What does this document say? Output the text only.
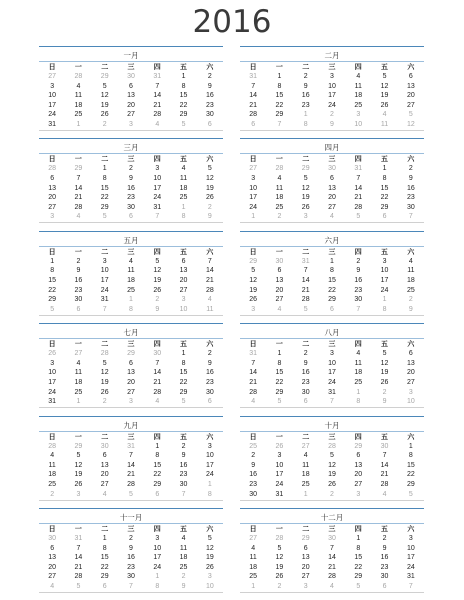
2016
一月
日	一	二	三	四	五	六
27	28	29	30	31	1	2
3	4	5	6	7	8	9
10	11	12	13	14	15	16
17	18	19	20	21	22	23
24	25	26	27	28	29	30
31	1	2	3	4	5	6
二月
日	一	二	三	四	五	六
31	1	2	3	4	5	6
7	8	9	10	11	12	13
14	15	16	17	18	19	20
21	22	23	24	25	26	27
28	29	1	2	3	4	5
6	7	8	9	10	11	12
三月
日	一	二	三	四	五	六
28	29	1	2	3	4	5
6	7	8	9	10	11	12
13	14	15	16	17	18	19
20	21	22	23	24	25	26
27	28	29	30	31	1	2
3	4	5	6	7	8	9
四月
日	一	二	三	四	五	六
27	28	29	30	31	1	2
3	4	5	6	7	8	9
10	11	12	13	14	15	16
17	18	19	20	21	22	23
24	25	26	27	28	29	30
1	2	3	4	5	6	7
五月
日	一	二	三	四	五	六
1	2	3	4	5	6	7
8	9	10	11	12	13	14
15	16	17	18	19	20	21
22	23	24	25	26	27	28
29	30	31	1	2	3	4
5	6	7	8	9	10	11
六月
日	一	二	三	四	五	六
29	30	31	1	2	3	4
5	6	7	8	9	10	11
12	13	14	15	16	17	18
19	20	21	22	23	24	25
26	27	28	29	30	1	2
3	4	5	6	7	8	9
七月
日	一	二	三	四	五	六
26	27	28	29	30	1	2
3	4	5	6	7	8	9
10	11	12	13	14	15	16
17	18	19	20	21	22	23
24	25	26	27	28	29	30
31	1	2	3	4	5	6
八月
日	一	二	三	四	五	六
31	1	2	3	4	5	6
7	8	9	10	11	12	13
14	15	16	17	18	19	20
21	22	23	24	25	26	27
28	29	30	31	1	2	3
4	5	6	7	8	9	10
九月
日	一	二	三	四	五	六
28	29	30	31	1	2	3
4	5	6	7	8	9	10
11	12	13	14	15	16	17
18	19	20	21	22	23	24
25	26	27	28	29	30	1
2	3	4	5	6	7	8
十月
日	一	二	三	四	五	六
25	26	27	28	29	30	1
2	3	4	5	6	7	8
9	10	11	12	13	14	15
16	17	18	19	20	21	22
23	24	25	26	27	28	29
30	31	1	2	3	4	5
十一月
日	一	二	三	四	五	六
30	31	1	2	3	4	5
6	7	8	9	10	11	12
13	14	15	16	17	18	19
20	21	22	23	24	25	26
27	28	29	30	1	2	3
4	5	6	7	8	9	10
十二月
日	一	二	三	四	五	六
27	28	29	30	1	2	3
4	5	6	7	8	9	10
11	12	13	14	15	16	17
18	19	20	21	22	23	24
25	26	27	28	29	30	31
1	2	3	4	5	6	7
